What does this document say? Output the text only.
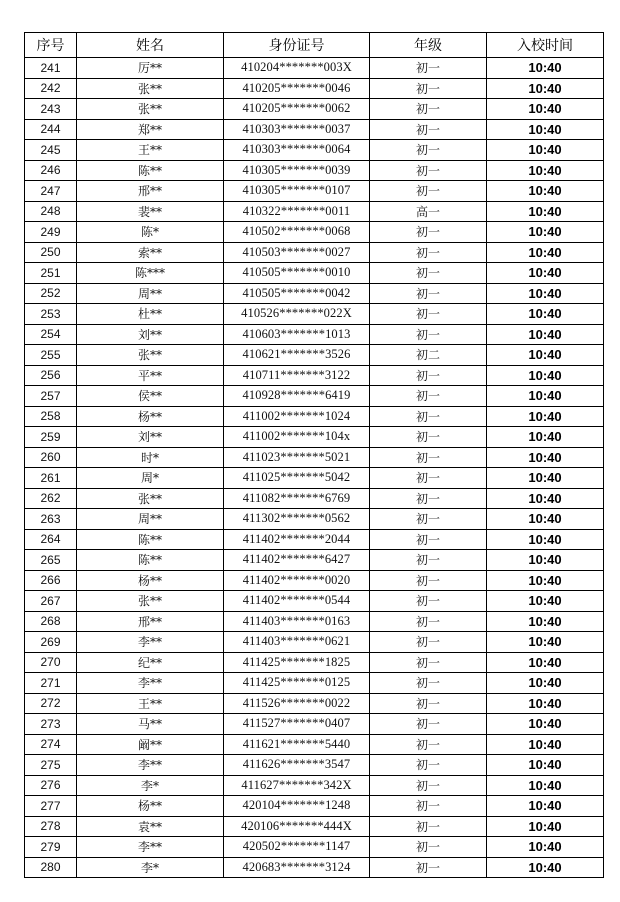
序号	姓名	身份证号	年级	入校时间
241	厉**	410204*******003X	初一	10:40
242	张**	410205*******0046	初一	10:40
243	张**	410205*******0062	初一	10:40
244	郑**	410303*******0037	初一	10:40
245	王**	410303*******0064	初一	10:40
246	陈**	410305*******0039	初一	10:40
247	邢**	410305*******0107	初一	10:40
248	裴**	410322*******0011	高一	10:40
249	陈*	410502*******0068	初一	10:40
250	索**	410503*******0027	初一	10:40
251	陈***	410505*******0010	初一	10:40
252	周**	410505*******0042	初一	10:40
253	杜**	410526*******022X	初一	10:40
254	刘**	410603*******1013	初一	10:40
255	张**	410621*******3526	初二	10:40
256	平**	410711*******3122	初一	10:40
257	侯**	410928*******6419	初一	10:40
258	杨**	411002*******1024	初一	10:40
259	刘**	411002*******104x	初一	10:40
260	时*	411023*******5021	初一	10:40
261	周*	411025*******5042	初一	10:40
262	张**	411082*******6769	初一	10:40
263	周**	411302*******0562	初一	10:40
264	陈**	411402*******2044	初一	10:40
265	陈**	411402*******6427	初一	10:40
266	杨**	411402*******0020	初一	10:40
267	张**	411402*******0544	初一	10:40
268	邢**	411403*******0163	初一	10:40
269	李**	411403*******0621	初一	10:40
270	纪**	411425*******1825	初一	10:40
271	李**	411425*******0125	初一	10:40
272	王**	411526*******0022	初一	10:40
273	马**	411527*******0407	初一	10:40
274	阚**	411621*******5440	初一	10:40
275	李**	411626*******3547	初一	10:40
276	李*	411627*******342X	初一	10:40
277	杨**	420104*******1248	初一	10:40
278	袁**	420106*******444X	初一	10:40
279	李**	420502*******1147	初一	10:40
280	李*	420683*******3124	初一	10:40
